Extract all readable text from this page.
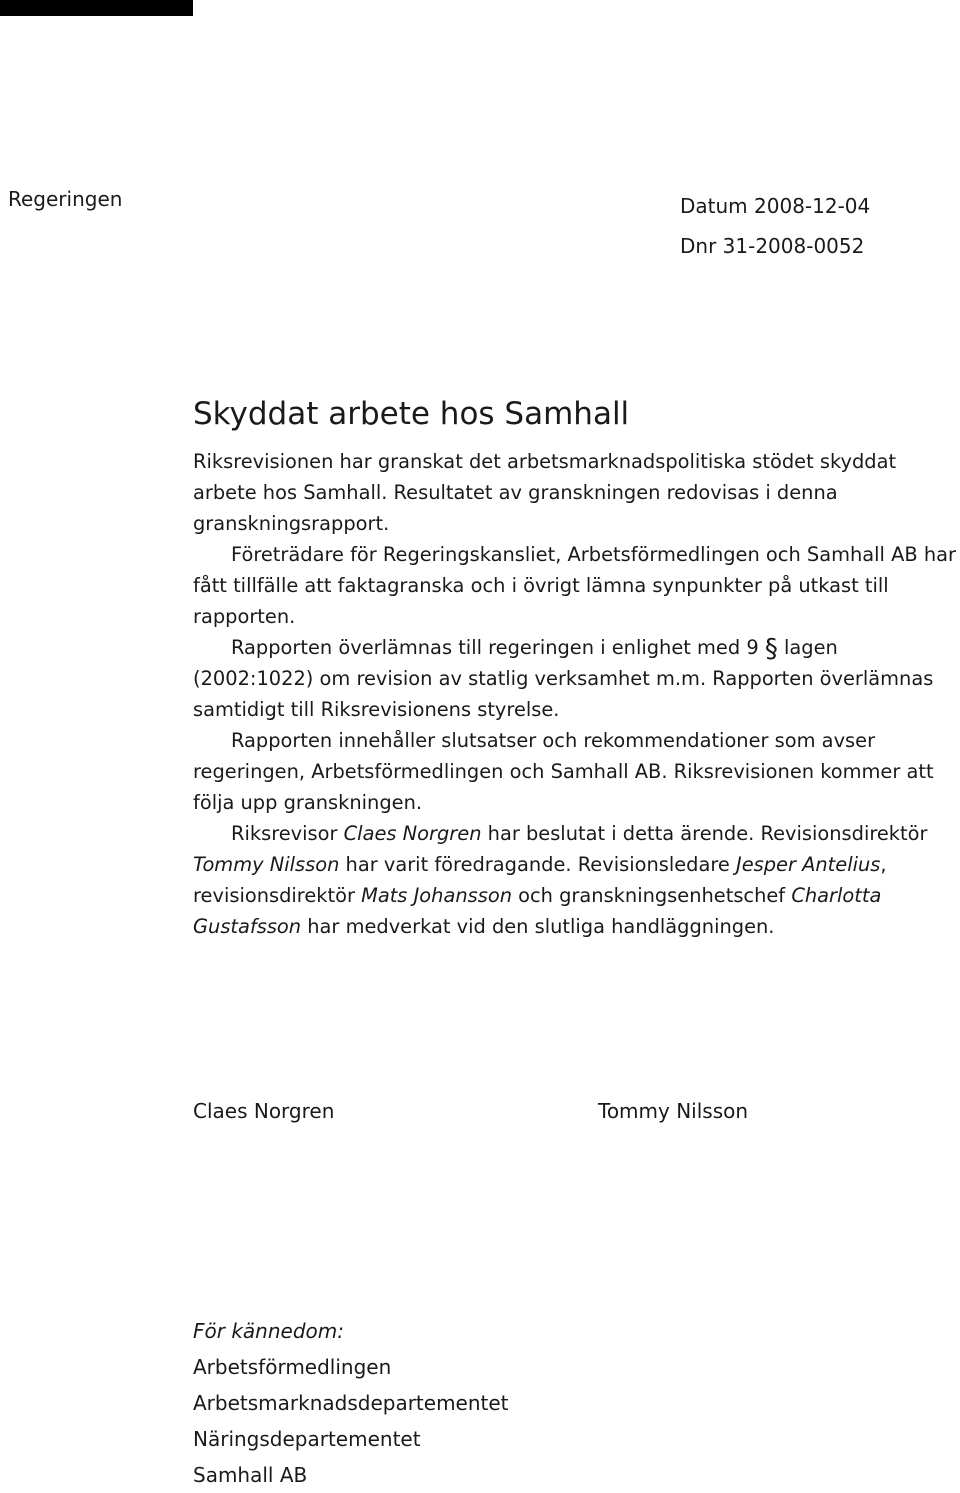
Regeringen	Datum 2008-12-04
Dnr 31-2008-0052
Skyddat arbete hos Samhall

Riksrevisionen har granskat det arbetsmarknadspolitiska stödet skyddat arbete hos Samhall. Resultatet av granskningen redovisas i denna granskningsrapport.

Företrädare för Regeringskansliet, Arbetsförmedlingen och Samhall AB har fått tillfälle att faktagranska och i övrigt lämna synpunkter på utkast till rapporten.

Rapporten överlämnas till regeringen i enlighet med 9 § lagen (2002:1022) om revision av statlig verksamhet m.m. Rapporten överlämnas samtidigt till Riksrevisionens styrelse.

Rapporten innehåller slutsatser och rekommendationer som avser regeringen, Arbetsförmedlingen och Samhall AB. Riksrevisionen kommer att följa upp granskningen.

Riksrevisor Claes Norgren har beslutat i detta ärende. Revisionsdirektör Tommy Nilsson har varit föredragande. Revisionsledare Jesper Antelius, revisionsdirektör Mats Johansson och granskningsenhetschef Charlotta Gustafsson har medverkat vid den slutliga handläggningen.

Claes Norgren	Tommy Nilsson
För kännedom:
Arbetsförmedlingen
Arbetsmarknadsdepartementet
Näringsdepartementet
Samhall AB
